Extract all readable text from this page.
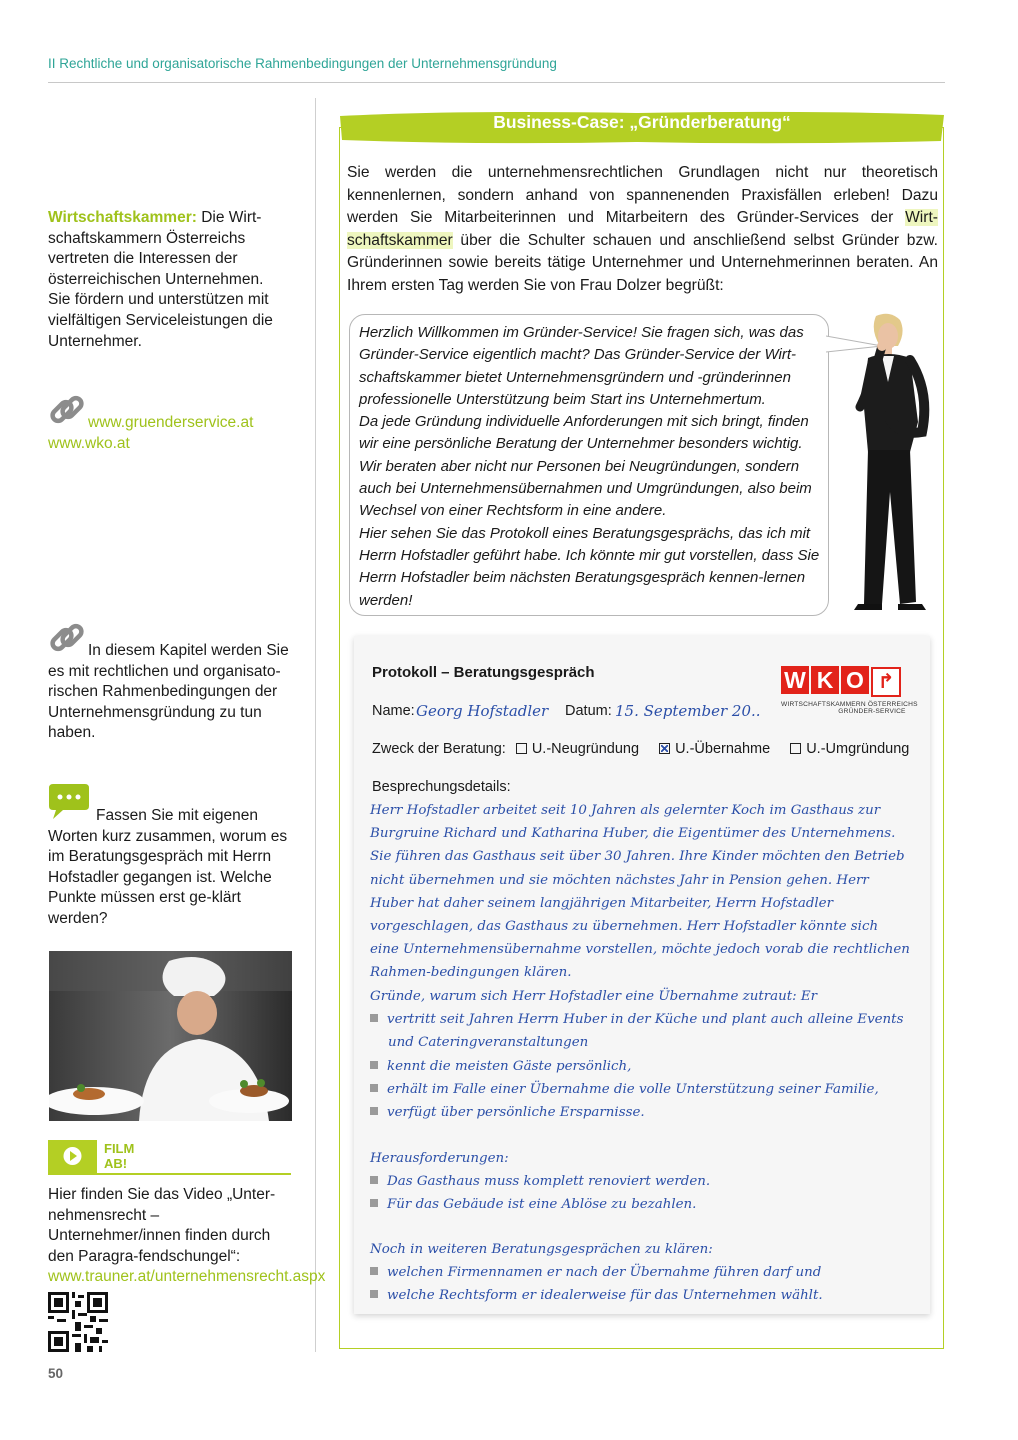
II Rechtliche und organisatorische Rahmenbedingungen der Unternehmensgründung
Wirtschaftskammer: Die Wirt-schaftskammern Österreichs vertreten die Interessen der österreichischen Unternehmen. Sie fördern und unterstützen mit vielfältigen Serviceleistungen die Unternehmer.
www.gruenderservice.at
www.wko.at
In diesem Kapitel werden Sie es mit rechtlichen und organisato-rischen Rahmenbedingungen der Unternehmensgründung zu tun haben.
Fassen Sie mit eigenen Worten kurz zusammen, worum es im Beratungsgespräch mit Herrn Hofstadler gegangen ist. Welche Punkte müssen erst ge-klärt werden?
FILM
AB!
Hier finden Sie das Video „Unter-nehmensrecht – Unternehmer/innen finden durch den Paragra-fendschungel“: www.trauner.at/unternehmensrecht.aspx
50
Business-Case: „Gründerberatung“
Sie werden die unternehmensrechtlichen Grundlagen nicht nur theoretisch kennenlernen, sondern anhand von spannenenden Praxisfällen erleben! Dazu werden Sie Mitarbeiterinnen und Mitarbeitern des Gründer-Services der Wirt-schaftskammer über die Schulter schauen und anschließend selbst Gründer bzw. Gründerinnen sowie bereits tätige Unternehmer und Unternehmerinnen beraten. An Ihrem ersten Tag werden Sie von Frau Dolzer begrüßt:
Herzlich Willkommen im Gründer-Service! Sie fragen sich, was das Gründer-Service eigentlich macht? Das Gründer-Service der Wirt-schaftskammer bietet Unternehmensgründern und -gründerinnen professionelle Unterstützung beim Start ins Unternehmertum.
Da jede Gründung individuelle Anforderungen mit sich bringt, finden wir eine persönliche Beratung der Unternehmer besonders wichtig. Wir beraten aber nicht nur Personen bei Neugründungen, sondern auch bei Unternehmensübernahmen und Umgründungen, also beim Wechsel von einer Rechtsform in eine andere.
Hier sehen Sie das Protokoll eines Beratungsgesprächs, das ich mit Herrn Hofstadler geführt habe. Ich könnte mir gut vorstellen, dass Sie Herrn Hofstadler beim nächsten Beratungsgespräch kennen-lernen werden!
Protokoll – Beratungsgespräch	W K O ↱
WIRTSCHAFTSKAMMERN ÖSTERREICHS
GRÜNDER-SERVICE
Name: Georg Hofstadler Datum: 15. September 20..
Zweck der Beratung: U.-Neugründung U.-Übernahme U.-Umgründung
Besprechungsdetails:
Herr Hofstadler arbeitet seit 10 Jahren als gelernter Koch im Gasthaus zur Burgruine Richard und Katharina Huber, die Eigentümer des Unternehmens. Sie führen das Gasthaus seit über 30 Jahren. Ihre Kinder möchten den Betrieb nicht übernehmen und sie möchten nächstes Jahr in Pension gehen. Herr Huber hat daher seinem langjährigen Mitarbeiter, Herrn Hofstadler vorgeschlagen, das Gasthaus zu übernehmen. Herr Hofstadler könnte sich eine Unternehmensübernahme vorstellen, möchte jedoch vorab die rechtlichen Rahmen-bedingungen klären.
Gründe, warum sich Herr Hofstadler eine Übernahme zutraut: Er
vertritt seit Jahren Herrn Huber in der Küche und plant auch alleine Events und Cateringveranstaltungen
kennt die meisten Gäste persönlich,
erhält im Falle einer Übernahme die volle Unterstützung seiner Familie,
verfügt über persönliche Ersparnisse.
Herausforderungen:
Das Gasthaus muss komplett renoviert werden.
Für das Gebäude ist eine Ablöse zu bezahlen.
Noch in weiteren Beratungsgesprächen zu klären:
welchen Firmennamen er nach der Übernahme führen darf und
welche Rechtsform er idealerweise für das Unternehmen wählt.
